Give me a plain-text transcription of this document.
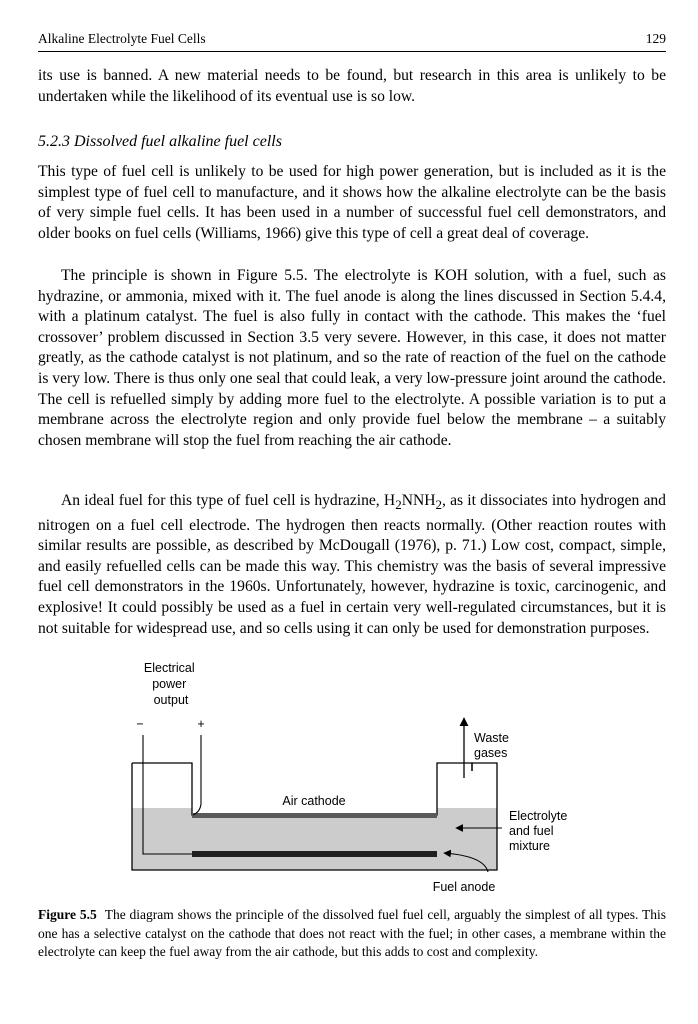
Alkaline Electrolyte Fuel Cells	129

its use is banned. A new material needs to be found, but research in this area is unlikely to be undertaken while the likelihood of its eventual use is so low.

5.2.3 Dissolved fuel alkaline fuel cells

This type of fuel cell is unlikely to be used for high power generation, but is included as it is the simplest type of fuel cell to manufacture, and it shows how the alkaline electrolyte can be the basis of very simple fuel cells. It has been used in a number of successful fuel cell demonstrators, and older books on fuel cells (Williams, 1966) give this type of cell a great deal of coverage.

The principle is shown in Figure 5.5. The electrolyte is KOH solution, with a fuel, such as hydrazine, or ammonia, mixed with it. The fuel anode is along the lines discussed in Section 5.4.4, with a platinum catalyst. The fuel is also fully in contact with the cathode. This makes the ‘fuel crossover’ problem discussed in Section 3.5 very severe. However, in this case, it does not matter greatly, as the cathode catalyst is not platinum, and so the rate of reaction of the fuel on the cathode is very low. There is thus only one seal that could leak, a very low-pressure joint around the cathode. The cell is refuelled simply by adding more fuel to the electrolyte. A possible variation is to put a membrane across the electrolyte region and only provide fuel below the membrane – a suitably chosen membrane will stop the fuel from reaching the air cathode.

An ideal fuel for this type of fuel cell is hydrazine, $H_2NNH_2$, as it dissociates into hydrogen and nitrogen on a fuel cell electrode. The hydrogen then reacts normally. (Other reaction routes with similar results are possible, as described by McDougall (1976), p. 71.) Low cost, compact, simple, and easily refuelled cells can be made this way. This chemistry was the basis of several impressive fuel cell demonstrators in the 1960s. Unfortunately, however, hydrazine is toxic, carcinogenic, and explosive! It could possibly be used as a fuel in certain very well-regulated circumstances, but it is not suitable for widespread use, and so cells using it can only be used for demonstration purposes.

Electrical power output
−	+
Waste gases
Air cathode
Electrolyte and fuel mixture
Fuel anode

Figure 5.5 The diagram shows the principle of the dissolved fuel fuel cell, arguably the simplest of all types. This one has a selective catalyst on the cathode that does not react with the fuel; in other cases, a membrane within the electrolyte can keep the fuel away from the air cathode, but this adds to cost and complexity.
